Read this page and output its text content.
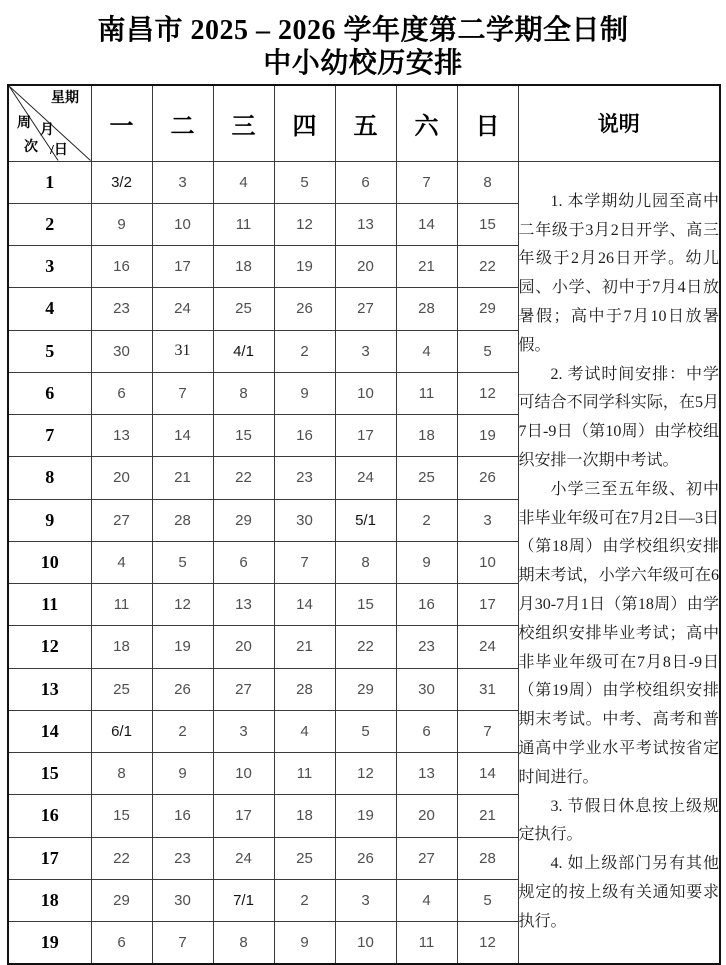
南昌市 2025 – 2026 学年度第二学期全日制
中小幼校历安排
星期
周 月
次 /日	一	二	三	四	五	六	日	说明
1	3/2	3	4	5	6	7	8	1. 本学期幼儿园至高中二年级于3月2日开学、高三年级于2月26日开学。幼儿园、小学、初中于7月4日放暑假；高中于7月10日放暑假。

2. 考试时间安排：中学可结合不同学科实际，在5月7日-9日（第10周）由学校组织安排一次期中考试。

小学三至五年级、初中非毕业年级可在7月2日—3日（第18周）由学校组织安排期末考试，小学六年级可在6月30-7月1日（第18周）由学校组织安排毕业考试；高中非毕业年级可在7月8日-9日（第19周）由学校组织安排期末考试。中考、高考和普通高中学业水平考试按省定时间进行。

3. 节假日休息按上级规定执行。

4. 如上级部门另有其他规定的按上级有关通知要求执行。

2	9	10	11	12	13	14	15	
3	16	17	18	19	20	21	22	
4	23	24	25	26	27	28	29	
5	30	31	4/1	2	3	4	5	
6	6	7	8	9	10	11	12	
7	13	14	15	16	17	18	19	
8	20	21	22	23	24	25	26	
9	27	28	29	30	5/1	2	3	
10	4	5	6	7	8	9	10	
11	11	12	13	14	15	16	17	
12	18	19	20	21	22	23	24	
13	25	26	27	28	29	30	31	
14	6/1	2	3	4	5	6	7	
15	8	9	10	11	12	13	14	
16	15	16	17	18	19	20	21	
17	22	23	24	25	26	27	28	
18	29	30	7/1	2	3	4	5	
19	6	7	8	9	10	11	12	
